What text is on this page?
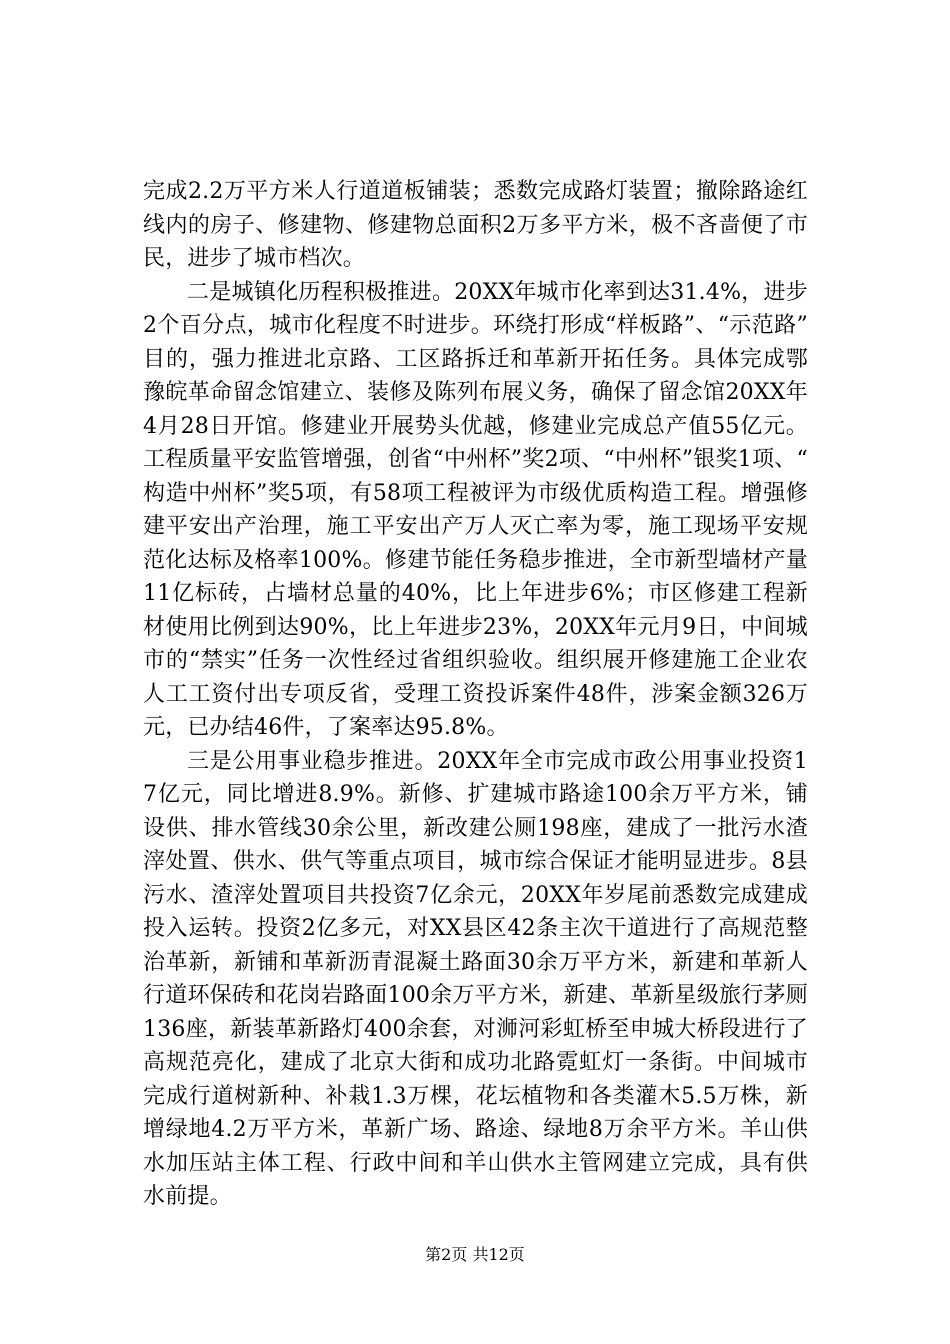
完成2.2万平方米人行道道板铺装；悉数完成路灯装置；撤除路途红线内的房子、修建物、修建物总面积2万多平方米，极不吝啬便了市民，进步了城市档次。

二是城镇化历程积极推进。20XX年城市化率到达31.4%，进步2个百分点，城市化程度不时进步。环绕打形成“样板路”、“示范路”目的，强力推进北京路、工区路拆迁和革新开拓任务。具体完成鄂豫皖革命留念馆建立、装修及陈列布展义务，确保了留念馆20XX年4月28日开馆。修建业开展势头优越，修建业完成总产值55亿元。工程质量平安监管增强，创省“中州杯”奖2项、“中州杯”银奖1项、“构造中州杯”奖5项，有58项工程被评为市级优质构造工程。增强修建平安出产治理，施工平安出产万人灭亡率为零，施工现场平安规范化达标及格率100%。修建节能任务稳步推进，全市新型墙材产量11亿标砖，占墙材总量的40%，比上年进步6%；市区修建工程新材使用比例到达90%，比上年进步23%，20XX年元月9日，中间城市的“禁实”任务一次性经过省组织验收。组织展开修建施工企业农人工工资付出专项反省，受理工资投诉案件48件，涉案金额326万元，已办结46件，了案率达95.8%。

三是公用事业稳步推进。20XX年全市完成市政公用事业投资17亿元，同比增进8.9%。新修、扩建城市路途100余万平方米，铺设供、排水管线30余公里，新改建公厕198座，建成了一批污水渣滓处置、供水、供气等重点项目，城市综合保证才能明显进步。8县污水、渣滓处置项目共投资7亿余元，20XX年岁尾前悉数完成建成投入运转。投资2亿多元，对XX县区42条主次干道进行了高规范整治革新，新铺和革新沥青混凝土路面30余万平方米，新建和革新人行道环保砖和花岗岩路面100余万平方米，新建、革新星级旅行茅厕136座，新装革新路灯400余套，对浉河彩虹桥至申城大桥段进行了高规范亮化，建成了北京大街和成功北路霓虹灯一条街。中间城市完成行道树新种、补栽1.3万棵，花坛植物和各类灌木5.5万株，新增绿地4.2万平方米，革新广场、路途、绿地8万余平方米。羊山供水加压站主体工程、行政中间和羊山供水主管网建立完成，具有供水前提。

第2页 共12页
